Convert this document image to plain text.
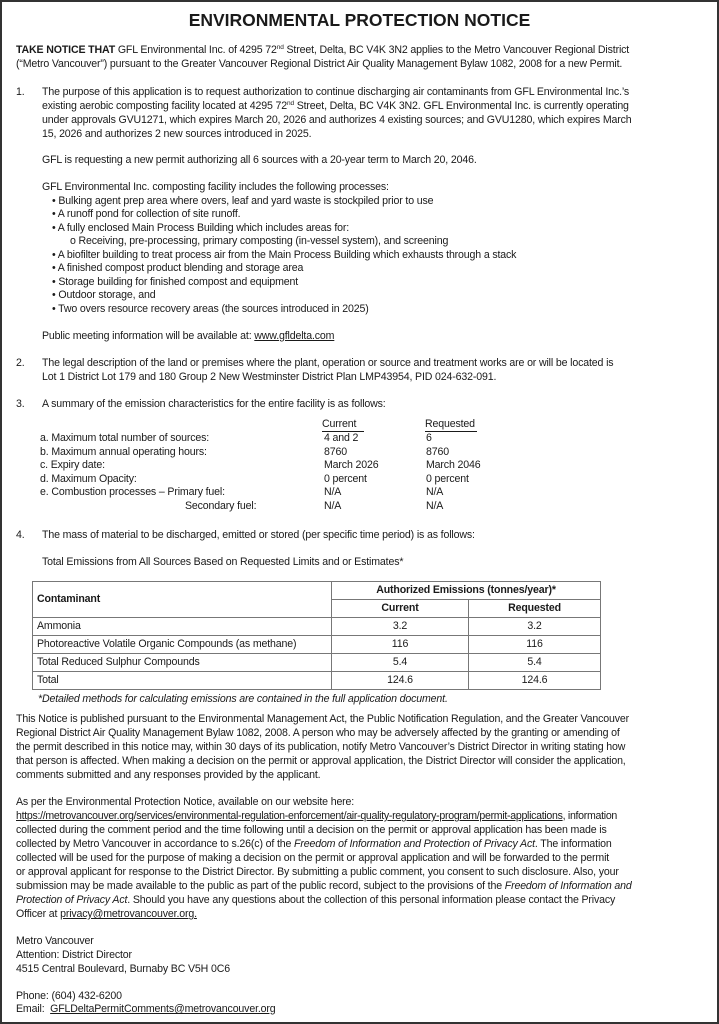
ENVIRONMENTAL PROTECTION NOTICE
TAKE NOTICE THAT GFL Environmental Inc. of 4295 72nd Street, Delta, BC V4K 3N2 applies to the Metro Vancouver Regional District
(“Metro Vancouver”) pursuant to the Greater Vancouver Regional District Air Quality Management Bylaw 1082, 2008 for a new Permit.
1. The purpose of this application is to request authorization to continue discharging air contaminants from GFL Environmental Inc.’s
existing aerobic composting facility located at 4295 72nd Street, Delta, BC V4K 3N2. GFL Environmental Inc. is currently operating
under approvals GVU1271, which expires March 20, 2026 and authorizes 4 existing sources; and GVU1280, which expires March
15, 2026 and authorizes 2 new sources introduced in 2025.
GFL is requesting a new permit authorizing all 6 sources with a 20-year term to March 20, 2046.
GFL Environmental Inc. composting facility includes the following processes:
• Bulking agent prep area where overs, leaf and yard waste is stockpiled prior to use
• A runoff pond for collection of site runoff.
• A fully enclosed Main Process Building which includes areas for:
o Receiving, pre-processing, primary composting (in-vessel system), and screening
• A biofilter building to treat process air from the Main Process Building which exhausts through a stack
• A finished compost product blending and storage area
• Storage building for finished compost and equipment
• Outdoor storage, and
• Two overs resource recovery areas (the sources introduced in 2025)
Public meeting information will be available at: www.gfldelta.com
2. The legal description of the land or premises where the plant, operation or source and treatment works are or will be located is
Lot 1 District Lot 179 and 180 Group 2 New Westminster District Plan LMP43954, PID 024-632-091.
3. A summary of the emission characteristics for the entire facility is as follows:
Current	Requested
a. Maximum total number of sources:	4 and 2	6
b. Maximum annual operating hours:	8760	8760
c. Expiry date:	March 2026	March 2046
d. Maximum Opacity:	0 percent	0 percent
e. Combustion processes – Primary fuel:	N/A	N/A
Secondary fuel:	N/A	N/A
4. The mass of material to be discharged, emitted or stored (per specific time period) is as follows:
Total Emissions from All Sources Based on Requested Limits and or Estimates*
Contaminant	Authorized Emissions (tonnes/year)*	
	Current	Requested
Ammonia	3.2	3.2
Photoreactive Volatile Organic Compounds (as methane)	116	116
Total Reduced Sulphur Compounds	5.4	5.4
Total	124.6	124.6
*Detailed methods for calculating emissions are contained in the full application document.
This Notice is published pursuant to the Environmental Management Act, the Public Notification Regulation, and the Greater Vancouver
Regional District Air Quality Management Bylaw 1082, 2008. A person who may be adversely affected by the granting or amending of
the permit described in this notice may, within 30 days of its publication, notify Metro Vancouver’s District Director in writing stating how
that person is affected. When making a decision on the permit or approval application, the District Director will consider the application,
comments submitted and any responses provided by the applicant.
As per the Environmental Protection Notice, available on our website here:
https://metrovancouver.org/services/environmental-regulation-enforcement/air-quality-regulatory-program/permit-applications, information
collected during the comment period and the time following until a decision on the permit or approval application has been made is
collected by Metro Vancouver in accordance to s.26(c) of the Freedom of Information and Protection of Privacy Act. The information
collected will be used for the purpose of making a decision on the permit or approval application and will be forwarded to the permit
or approval applicant for response to the District Director. By submitting a public comment, you consent to such disclosure. Also, your
submission may be made available to the public as part of the public record, subject to the provisions of the Freedom of Information and
Protection of Privacy Act. Should you have any questions about the collection of this personal information please contact the Privacy
Officer at privacy@metrovancouver.org.
Metro Vancouver
Attention: District Director
4515 Central Boulevard, Burnaby BC V5H 0C6
Phone: (604) 432-6200
Email:  GFLDeltaPermitComments@metrovancouver.org
